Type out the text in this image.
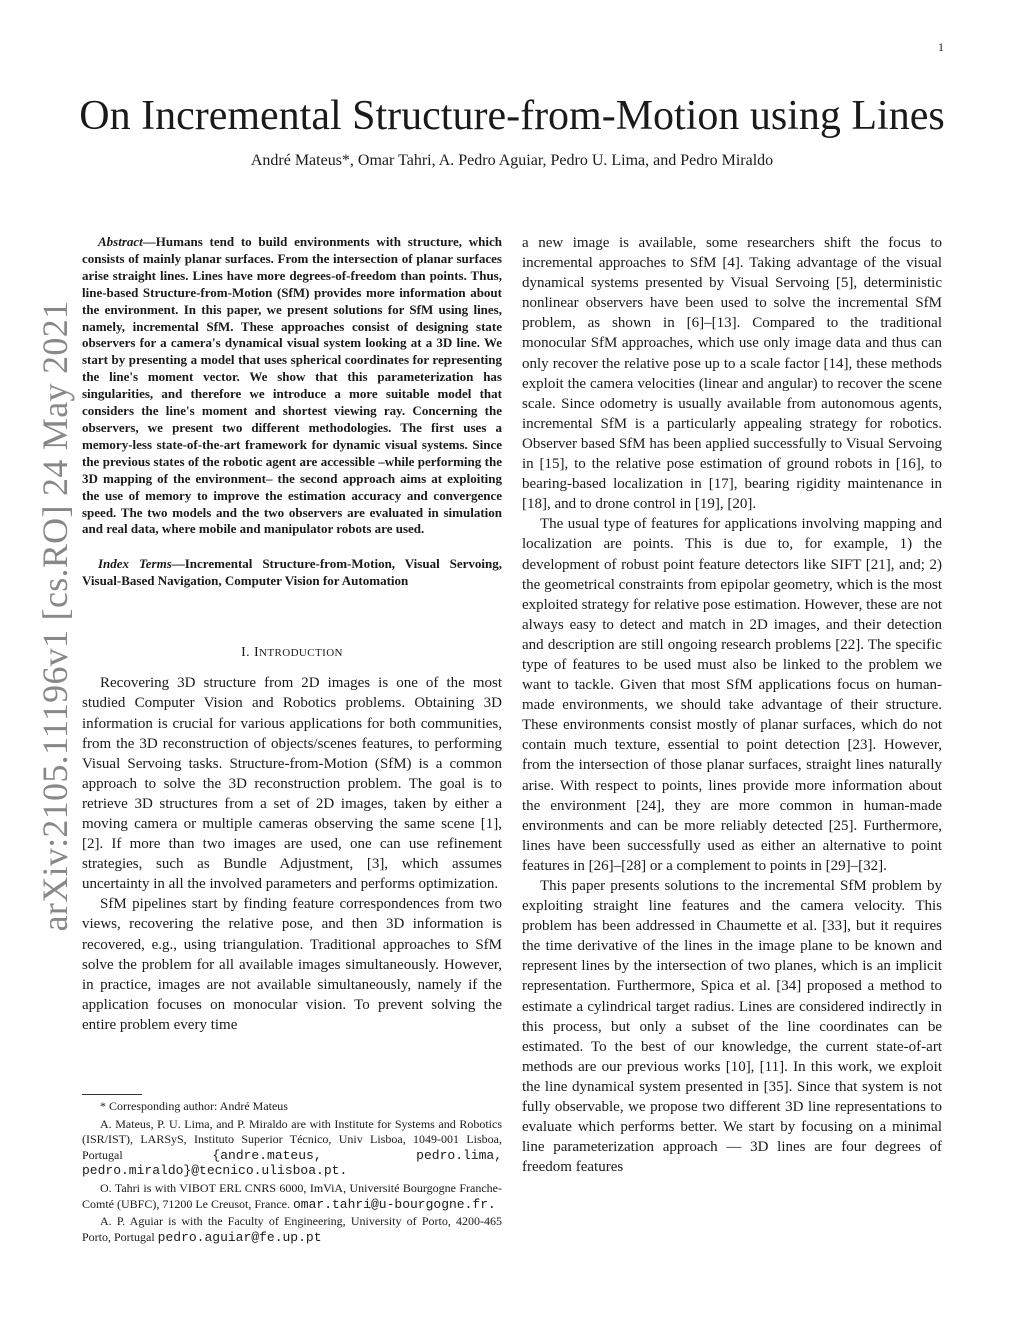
1
arXiv:2105.11196v1 [cs.RO] 24 May 2021
On Incremental Structure-from-Motion using Lines
André Mateus*, Omar Tahri, A. Pedro Aguiar, Pedro U. Lima, and Pedro Miraldo

Abstract—Humans tend to build environments with structure, which consists of mainly planar surfaces. From the intersection of planar surfaces arise straight lines. Lines have more degrees-of-freedom than points. Thus, line-based Structure-from-Motion (SfM) provides more information about the environment. In this paper, we present solutions for SfM using lines, namely, incremental SfM. These approaches consist of designing state observers for a camera's dynamical visual system looking at a 3D line. We start by presenting a model that uses spherical coordinates for representing the line's moment vector. We show that this parameterization has singularities, and therefore we introduce a more suitable model that considers the line's moment and shortest viewing ray. Concerning the observers, we present two different methodologies. The first uses a memory-less state-of-the-art framework for dynamic visual systems. Since the previous states of the robotic agent are accessible –while performing the 3D mapping of the environment– the second approach aims at exploiting the use of memory to improve the estimation accuracy and convergence speed. The two models and the two observers are evaluated in simulation and real data, where mobile and manipulator robots are used.

Index Terms—Incremental Structure-from-Motion, Visual Servoing, Visual-Based Navigation, Computer Vision for Automation

I. INTRODUCTION

Recovering 3D structure from 2D images is one of the most studied Computer Vision and Robotics problems. Obtaining 3D information is crucial for various applications for both communities, from the 3D reconstruction of objects/scenes features, to performing Visual Servoing tasks. Structure-from-Motion (SfM) is a common approach to solve the 3D reconstruction problem. The goal is to retrieve 3D structures from a set of 2D images, taken by either a moving camera or multiple cameras observing the same scene [1], [2]. If more than two images are used, one can use refinement strategies, such as Bundle Adjustment, [3], which assumes uncertainty in all the involved parameters and performs optimization.

SfM pipelines start by finding feature correspondences from two views, recovering the relative pose, and then 3D information is recovered, e.g., using triangulation. Traditional approaches to SfM solve the problem for all available images simultaneously. However, in practice, images are not available simultaneously, namely if the application focuses on monocular vision. To prevent solving the entire problem every time

a new image is available, some researchers shift the focus to incremental approaches to SfM [4]. Taking advantage of the visual dynamical systems presented by Visual Servoing [5], deterministic nonlinear observers have been used to solve the incremental SfM problem, as shown in [6]–[13]. Compared to the traditional monocular SfM approaches, which use only image data and thus can only recover the relative pose up to a scale factor [14], these methods exploit the camera velocities (linear and angular) to recover the scene scale. Since odometry is usually available from autonomous agents, incremental SfM is a particularly appealing strategy for robotics. Observer based SfM has been applied successfully to Visual Servoing in [15], to the relative pose estimation of ground robots in [16], to bearing-based localization in [17], bearing rigidity maintenance in [18], and to drone control in [19], [20].

The usual type of features for applications involving mapping and localization are points. This is due to, for example, 1) the development of robust point feature detectors like SIFT [21], and; 2) the geometrical constraints from epipolar geometry, which is the most exploited strategy for relative pose estimation. However, these are not always easy to detect and match in 2D images, and their detection and description are still ongoing research problems [22]. The specific type of features to be used must also be linked to the problem we want to tackle. Given that most SfM applications focus on human-made environments, we should take advantage of their structure. These environments consist mostly of planar surfaces, which do not contain much texture, essential to point detection [23]. However, from the intersection of those planar surfaces, straight lines naturally arise. With respect to points, lines provide more information about the environment [24], they are more common in human-made environments and can be more reliably detected [25]. Furthermore, lines have been successfully used as either an alternative to point features in [26]–[28] or a complement to points in [29]–[32].

This paper presents solutions to the incremental SfM problem by exploiting straight line features and the camera velocity. This problem has been addressed in Chaumette et al. [33], but it requires the time derivative of the lines in the image plane to be known and represent lines by the intersection of two planes, which is an implicit representation. Furthermore, Spica et al. [34] proposed a method to estimate a cylindrical target radius. Lines are considered indirectly in this process, but only a subset of the line coordinates can be estimated. To the best of our knowledge, the current state-of-art methods are our previous works [10], [11]. In this work, we exploit the line dynamical system presented in [35]. Since that system is not fully observable, we propose two different 3D line representations to evaluate which performs better. We start by focusing on a minimal line parameterization approach — 3D lines are four degrees of freedom features

* Corresponding author: André Mateus

A. Mateus, P. U. Lima, and P. Miraldo are with Institute for Systems and Robotics (ISR/IST), LARSyS, Instituto Superior Técnico, Univ Lisboa, 1049-001 Lisboa, Portugal	{andre.mateus, pedro.lima, pedro.miraldo}@tecnico.ulisboa.pt.

O. Tahri is with VIBOT ERL CNRS 6000, ImViA, Université Bourgogne Franche-Comté (UBFC), 71200 Le Creusot, France. omar.tahri@u-bourgogne.fr.

A. P. Aguiar is with the Faculty of Engineering, University of Porto, 4200-465 Porto, Portugal pedro.aguiar@fe.up.pt
